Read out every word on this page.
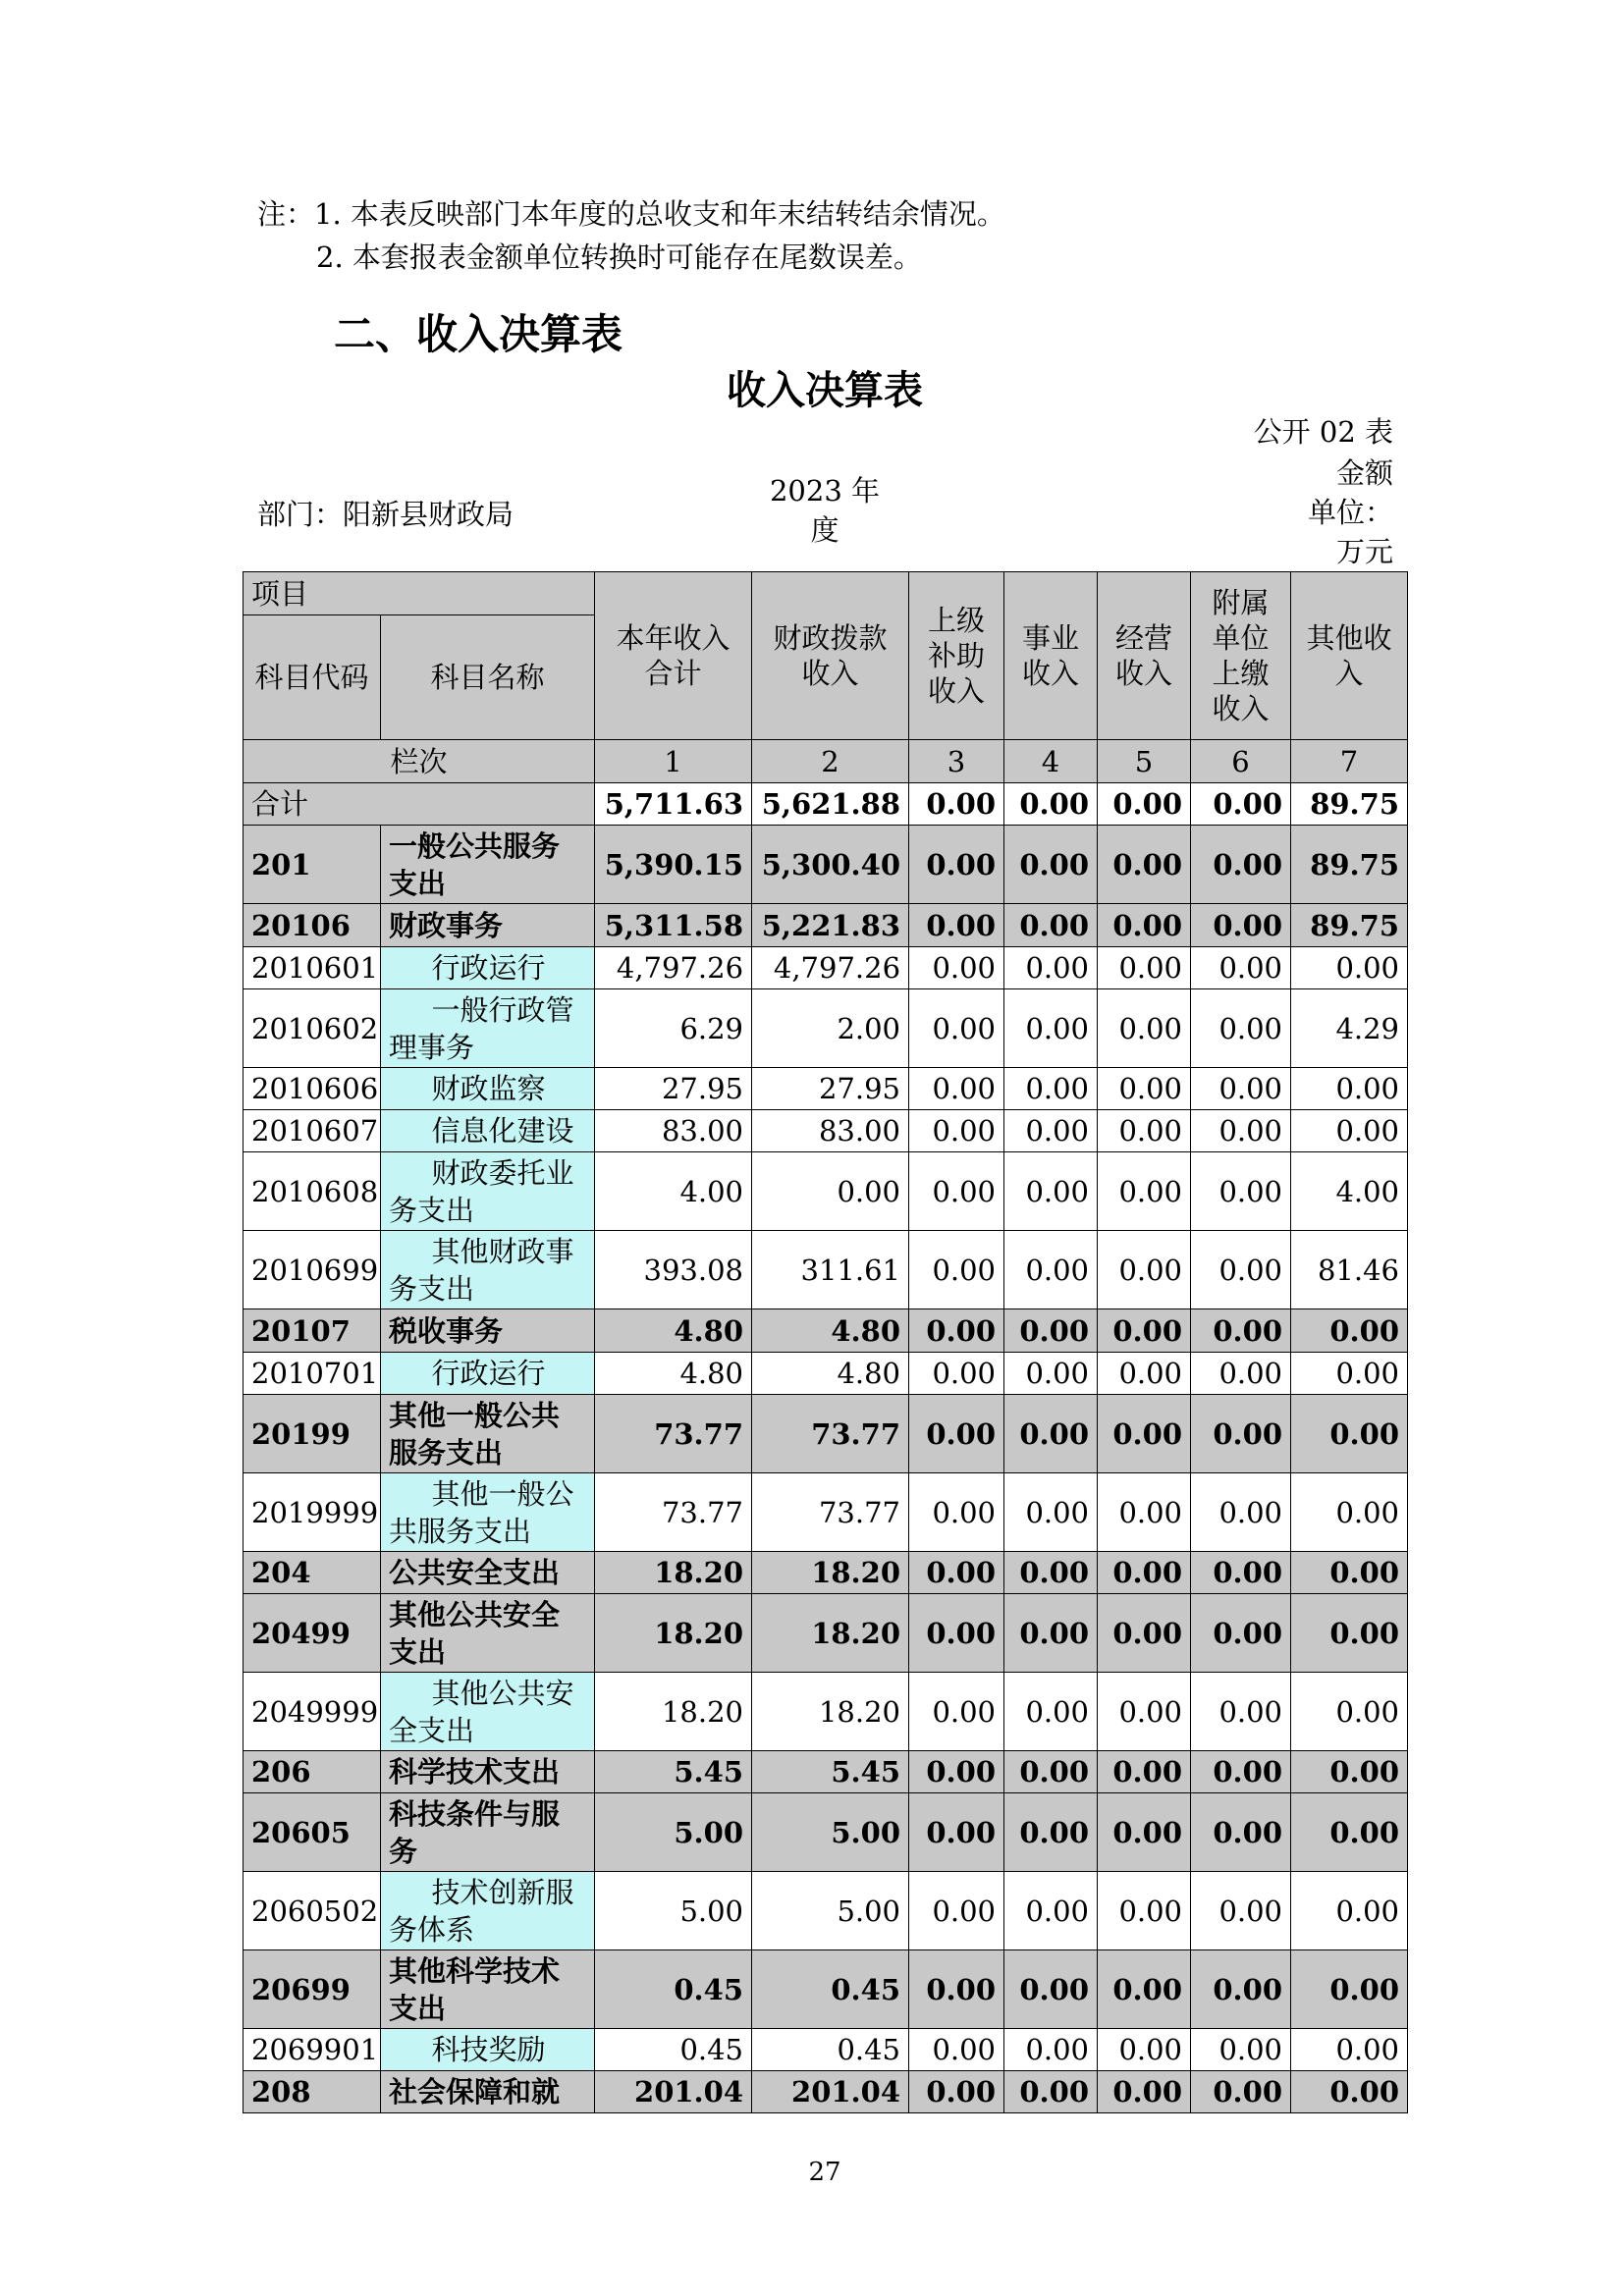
注：1. 本表反映部门本年度的总收支和年末结转结余情况。
2. 本套报表金额单位转换时可能存在尾数误差。
二、收入决算表
收入决算表
公开 02 表
金额
单位：
万元
部门：阳新县财政局
2023 年
度
项目		本年收入合计	财政拨款收入	上级补助收入	事业收入	经营收入	附属单位上缴收入	其他收入
科目代码	科目名称							
栏次		1	2	3	4	5	6	7
合计		5,711.63	5,621.88	0.00	0.00	0.00	0.00	89.75
201	一般公共服务支出	5,390.15	5,300.40	0.00	0.00	0.00	0.00	89.75
20106	财政事务	5,311.58	5,221.83	0.00	0.00	0.00	0.00	89.75
2010601	行政运行	4,797.26	4,797.26	0.00	0.00	0.00	0.00	0.00
2010602	一般行政管理事务	6.29	2.00	0.00	0.00	0.00	0.00	4.29
2010606	财政监察	27.95	27.95	0.00	0.00	0.00	0.00	0.00
2010607	信息化建设	83.00	83.00	0.00	0.00	0.00	0.00	0.00
2010608	财政委托业务支出	4.00	0.00	0.00	0.00	0.00	0.00	4.00
2010699	其他财政事务支出	393.08	311.61	0.00	0.00	0.00	0.00	81.46
20107	税收事务	4.80	4.80	0.00	0.00	0.00	0.00	0.00
2010701	行政运行	4.80	4.80	0.00	0.00	0.00	0.00	0.00
20199	其他一般公共服务支出	73.77	73.77	0.00	0.00	0.00	0.00	0.00
2019999	其他一般公共服务支出	73.77	73.77	0.00	0.00	0.00	0.00	0.00
204	公共安全支出	18.20	18.20	0.00	0.00	0.00	0.00	0.00
20499	其他公共安全支出	18.20	18.20	0.00	0.00	0.00	0.00	0.00
2049999	其他公共安全支出	18.20	18.20	0.00	0.00	0.00	0.00	0.00
206	科学技术支出	5.45	5.45	0.00	0.00	0.00	0.00	0.00
20605	科技条件与服务	5.00	5.00	0.00	0.00	0.00	0.00	0.00
2060502	技术创新服务体系	5.00	5.00	0.00	0.00	0.00	0.00	0.00
20699	其他科学技术支出	0.45	0.45	0.00	0.00	0.00	0.00	0.00
2069901	科技奖励	0.45	0.45	0.00	0.00	0.00	0.00	0.00
208	社会保障和就	201.04	201.04	0.00	0.00	0.00	0.00	0.00
27
